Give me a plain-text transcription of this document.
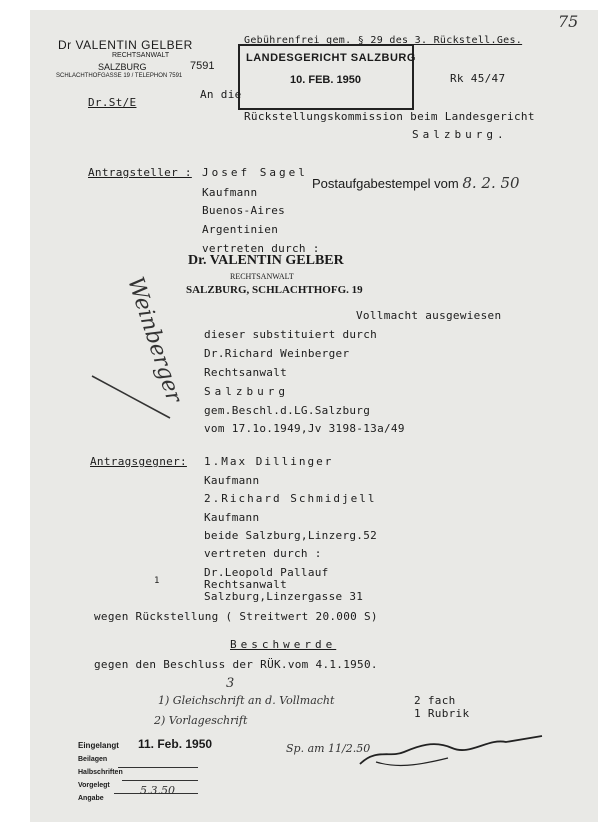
75
Dr VALENTIN GELBER
RECHTSANWALT
SALZBURG	7591
SCHLACHTHOFGASSE 19 / TELEPHON 7591
Gebührenfrei gem. § 29 des 3. Rückstell.Ges.
LANDESGERICHT SALZBURG
10. FEB. 1950	Rk 45/47
Dr.St/E
An die
Rückstellungskommission beim Landesgericht
Salzburg.
Antragsteller : Josef Sagel
Kaufmann
Buenos-Aires
Argentinien
vertreten durch :
Postaufgabestempel vom 8. 2. 50
Dr. VALENTIN GELBER
RECHTSANWALT
SALZBURG, SCHLACHTHOFG. 19
Vollmacht ausgewiesen
dieser substituiert durch
Dr.Richard Weinberger
Rechtsanwalt
Salzburg
gem.Beschl.d.LG.Salzburg
vom 17.1o.1949,Jv 3198-13a/49
Weinberger
Antragsgegner: 1.Max Dillinger
Kaufmann
2.Richard Schmidjell
Kaufmann
beide Salzburg,Linzerg.52
vertreten durch :
Dr.Leopold Pallauf
Rechtsanwalt
Salzburg,Linzergasse 31
1
wegen Rückstellung ( Streitwert 20.000 S)
Beschwerde
gegen den Beschluss der RÜK.vom 4.1.1950.
3
1) Gleichschrift an d. Vollmacht
2) Vorlageschrift
Sp. am 11/2.50
2 fach
1 Rubrik
Eingelangt 11. Feb. 1950
Beilagen
Halbschriften
Vorgelegt
Angabe
5.3.50
